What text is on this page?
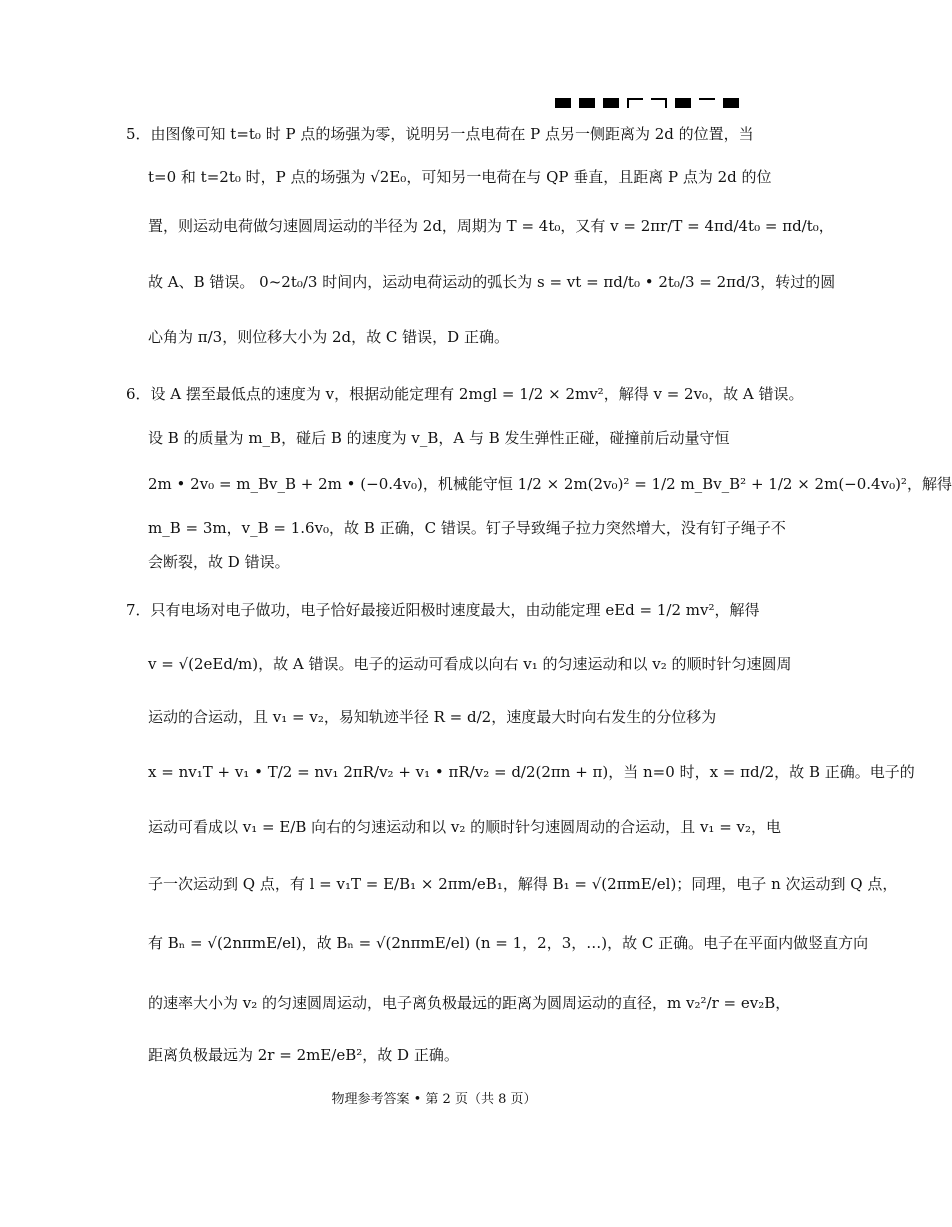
5．由图像可知 t=t₀ 时 P 点的场强为零，说明另一点电荷在 P 点另一侧距离为 2d 的位置，当
t=0 和 t=2t₀ 时，P 点的场强为 √2E₀，可知另一电荷在与 QP 垂直，且距离 P 点为 2d 的位
置，则运动电荷做匀速圆周运动的半径为 2d，周期为 T = 4t₀，又有 v = 2πr/T = 4πd/4t₀ = πd/t₀，
故 A、B 错误。 0~2t₀/3 时间内，运动电荷运动的弧长为 s = vt = πd/t₀ • 2t₀/3 = 2πd/3，转过的圆
心角为 π/3，则位移大小为 2d，故 C 错误，D 正确。
6．设 A 摆至最低点的速度为 v，根据动能定理有 2mgl = 1/2 × 2mv²，解得 v = 2v₀，故 A 错误。
设 B 的质量为 m_B，碰后 B 的速度为 v_B，A 与 B 发生弹性正碰，碰撞前后动量守恒
2m • 2v₀ = m_Bv_B + 2m • (−0.4v₀)，机械能守恒 1/2 × 2m(2v₀)² = 1/2 m_Bv_B² + 1/2 × 2m(−0.4v₀)²，解得
m_B = 3m，v_B = 1.6v₀，故 B 正确，C 错误。钉子导致绳子拉力突然增大，没有钉子绳子不
会断裂，故 D 错误。
7．只有电场对电子做功，电子恰好最接近阳极时速度最大，由动能定理 eEd = 1/2 mv²，解得
v = √(2eEd/m)，故 A 错误。电子的运动可看成以向右 v₁ 的匀速运动和以 v₂ 的顺时针匀速圆周
运动的合运动，且 v₁ = v₂，易知轨迹半径 R = d/2，速度最大时向右发生的分位移为
x = nv₁T + v₁ • T/2 = nv₁ 2πR/v₂ + v₁ • πR/v₂ = d/2(2πn + π)，当 n=0 时，x = πd/2，故 B 正确。电子的
运动可看成以 v₁ = E/B 向右的匀速运动和以 v₂ 的顺时针匀速圆周动的合运动，且 v₁ = v₂，电
子一次运动到 Q 点，有 l = v₁T = E/B₁ × 2πm/eB₁，解得 B₁ = √(2πmE/el)；同理，电子 n 次运动到 Q 点，
有 Bₙ = √(2nπmE/el)，故 Bₙ = √(2nπmE/el) (n = 1，2，3，…)，故 C 正确。电子在平面内做竖直方向
的速率大小为 v₂ 的匀速圆周运动，电子离负极最远的距离为圆周运动的直径，m v₂²/r = ev₂B，
距离负极最远为 2r = 2mE/eB²，故 D 正确。
物理参考答案 • 第 2 页（共 8 页）
